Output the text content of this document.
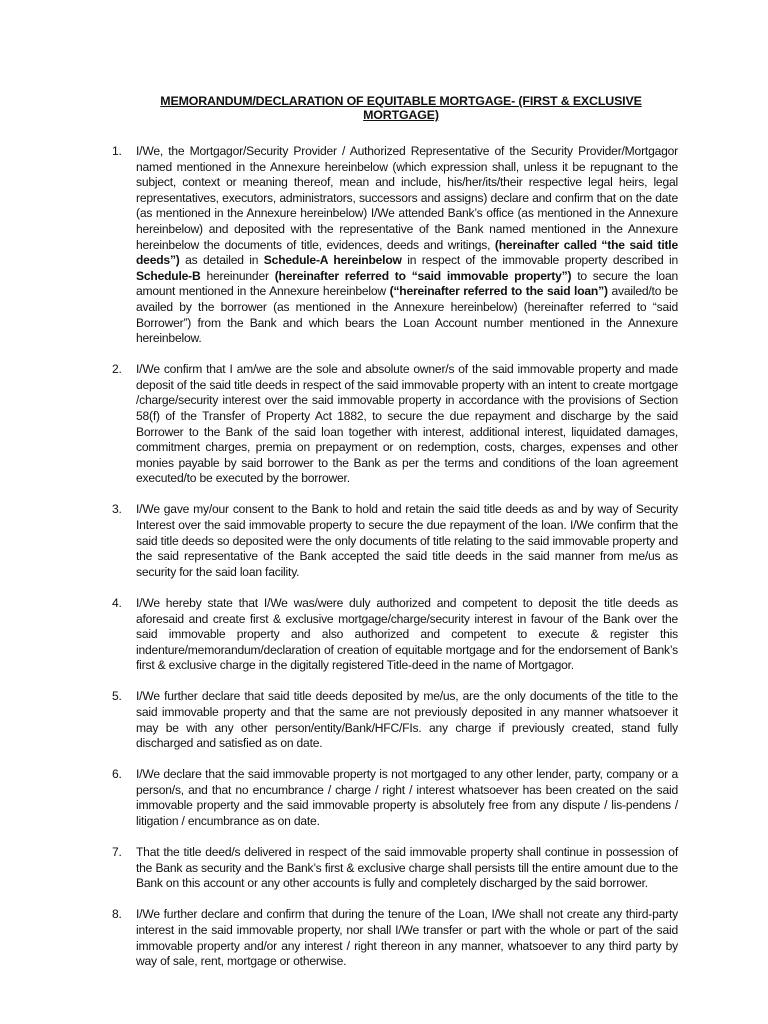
MEMORANDUM/DECLARATION OF EQUITABLE MORTGAGE- (FIRST & EXCLUSIVE MORTGAGE)
1. I/We, the Mortgagor/Security Provider / Authorized Representative of the Security Provider/Mortgagor named mentioned in the Annexure hereinbelow (which expression shall, unless it be repugnant to the subject, context or meaning thereof, mean and include, his/her/its/their respective legal heirs, legal representatives, executors, administrators, successors and assigns) declare and confirm that on the date (as mentioned in the Annexure hereinbelow) I/We attended Bank’s office (as mentioned in the Annexure hereinbelow) and deposited with the representative of the Bank named mentioned in the Annexure hereinbelow the documents of title, evidences, deeds and writings, (hereinafter called “the said title deeds”) as detailed in Schedule-A hereinbelow in respect of the immovable property described in Schedule-B hereinunder (hereinafter referred to “said immovable property”) to secure the loan amount mentioned in the Annexure hereinbelow (“hereinafter referred to the said loan”) availed/to be availed by the borrower (as mentioned in the Annexure hereinbelow) (hereinafter referred to “said Borrower”) from the Bank and which bears the Loan Account number mentioned in the Annexure hereinbelow.
2. I/We confirm that I am/we are the sole and absolute owner/s of the said immovable property and made deposit of the said title deeds in respect of the said immovable property with an intent to create mortgage /charge/security interest over the said immovable property in accordance with the provisions of Section 58(f) of the Transfer of Property Act 1882, to secure the due repayment and discharge by the said Borrower to the Bank of the said loan together with interest, additional interest, liquidated damages, commitment charges, premia on prepayment or on redemption, costs, charges, expenses and other monies payable by said borrower to the Bank as per the terms and conditions of the loan agreement executed/to be executed by the borrower.
3. I/We gave my/our consent to the Bank to hold and retain the said title deeds as and by way of Security Interest over the said immovable property to secure the due repayment of the loan. I/We confirm that the said title deeds so deposited were the only documents of title relating to the said immovable property and the said representative of the Bank accepted the said title deeds in the said manner from me/us as security for the said loan facility.
4. I/We hereby state that I/We was/were duly authorized and competent to deposit the title deeds as aforesaid and create first & exclusive mortgage/charge/security interest in favour of the Bank over the said immovable property and also authorized and competent to execute & register this indenture/memorandum/declaration of creation of equitable mortgage and for the endorsement of Bank’s first & exclusive charge in the digitally registered Title-deed in the name of Mortgagor.
5. I/We further declare that said title deeds deposited by me/us, are the only documents of the title to the said immovable property and that the same are not previously deposited in any manner whatsoever it may be with any other person/entity/Bank/HFC/FIs. any charge if previously created, stand fully discharged and satisfied as on date.
6. I/We declare that the said immovable property is not mortgaged to any other lender, party, company or a person/s, and that no encumbrance / charge / right / interest whatsoever has been created on the said immovable property and the said immovable property is absolutely free from any dispute / lis-pendens / litigation / encumbrance as on date.
7. That the title deed/s delivered in respect of the said immovable property shall continue in possession of the Bank as security and the Bank’s first & exclusive charge shall persists till the entire amount due to the Bank on this account or any other accounts is fully and completely discharged by the said borrower.
8. I/We further declare and confirm that during the tenure of the Loan, I/We shall not create any third-party interest in the said immovable property, nor shall I/We transfer or part with the whole or part of the said immovable property and/or any interest / right thereon in any manner, whatsoever to any third party by way of sale, rent, mortgage or otherwise.
